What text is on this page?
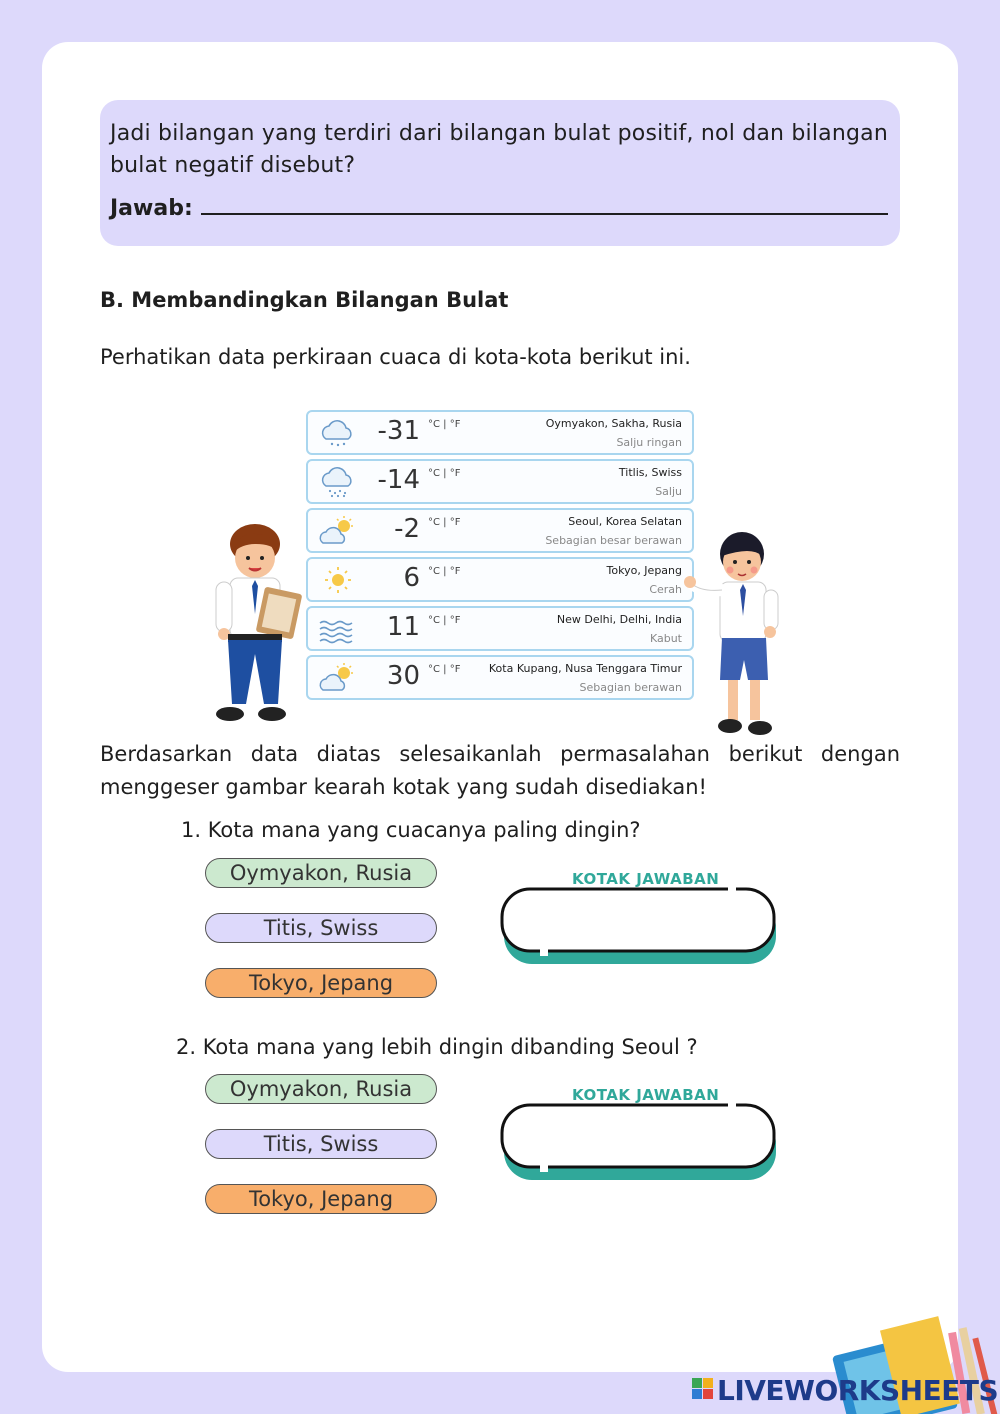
Jadi bilangan yang terdiri dari bilangan bulat positif, nol dan bilangan bulat negatif disebut?

Jawab:
B. Membandingkan Bilangan Bulat
Perhatikan data perkiraan cuaca di kota-kota berikut ini.
-31 °C | °F	Oymyakon, Sakha, Rusia
Salju ringan
-14 °C | °F	Titlis, Swiss
Salju
-2 °C | °F	Seoul, Korea Selatan
Sebagian besar berawan
6 °C | °F	Tokyo, Jepang
Cerah
11 °C | °F	New Delhi, Delhi, India
Kabut
30 °C | °F	Kota Kupang, Nusa Tenggara Timur
Sebagian berawan
Berdasarkan data diatas selesaikanlah permasalahan berikut dengan menggeser gambar kearah kotak yang sudah disediakan!
1. Kota mana yang cuacanya paling dingin?
Oymyakon, Rusia
Titis, Swiss
Tokyo, Jepang
KOTAK JAWABAN
2. Kota mana yang lebih dingin dibanding Seoul ?
Oymyakon, Rusia
Titis, Swiss
Tokyo, Jepang
KOTAK JAWABAN
LIVEWORKSHEETS
